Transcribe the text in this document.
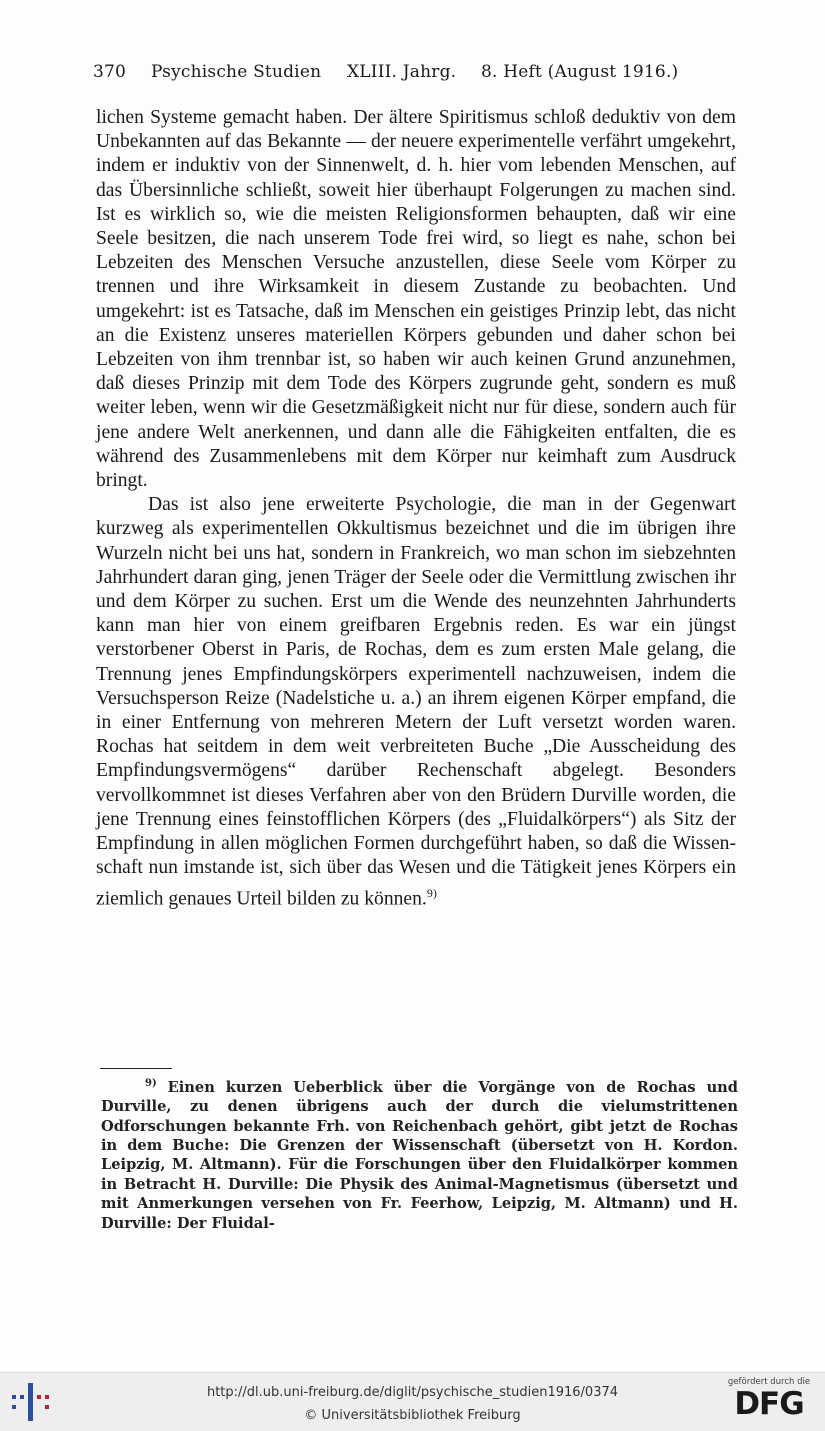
370 Psychische Studien XLIII. Jahrg. 8. Heft (August 1916.)

lichen Systeme gemacht haben. Der ältere Spiritismus schloß deduktiv von dem Unbekannten auf das Bekannte — der neuere experimentelle verfährt umgekehrt, indem er induktiv von der Sinnenwelt, d. h. hier vom lebenden Menschen, auf das Übersinnliche schließt, soweit hier überhaupt Folgerungen zu machen sind. Ist es wirklich so, wie die meisten Religionsformen behaupten, daß wir eine Seele besitzen, die nach unserem Tode frei wird, so liegt es nahe, schon bei Lebzeiten des Menschen Versuche anzustellen, diese Seele vom Körper zu trennen und ihre Wirksamkeit in diesem Zustande zu beobachten. Und umgekehrt: ist es Tatsache, daß im Menschen ein geistiges Prinzip lebt, das nicht an die Existenz unseres materiellen Körpers gebunden und daher schon bei Lebzeiten von ihm trennbar ist, so haben wir auch keinen Grund anzunehmen, daß dieses Prinzip mit dem Tode des Körpers zugrunde geht, sondern es muß weiter leben, wenn wir die Gesetzmäßigkeit nicht nur für diese, sondern auch für jene andere Welt anerkennen, und dann alle die Fähigkeiten entfalten, die es während des Zusammenlebens mit dem Körper nur keimhaft zum Ausdruck bringt.

Das ist also jene erweiterte Psychologie, die man in der Gegenwart kurzweg als experimentellen Okkultismus bezeichnet und die im übrigen ihre Wurzeln nicht bei uns hat, sondern in Frankreich, wo man schon im siebzehnten Jahrhundert daran ging, jenen Träger der Seele oder die Vermittlung zwischen ihr und dem Körper zu suchen. Erst um die Wende des neunzehnten Jahrhunderts kann man hier von einem greifbaren Ergebnis reden. Es war ein jüngst verstorbener Oberst in Paris, de Rochas, dem es zum ersten Male gelang, die Trennung jenes Empfindungskörpers experimentell nachzuweisen, indem die Versuchsperson Reize (Nadelstiche u. a.) an ihrem eigenen Körper empfand, die in einer Entfernung von mehreren Metern der Luft versetzt worden waren. Rochas hat seitdem in dem weit verbreiteten Buche „Die Ausscheidung des Empfindungsvermögens“ darüber Rechenschaft abgelegt. Besonders vervollkommnet ist dieses Verfahren aber von den Brüdern Durville worden, die jene Trennung eines feinstofflichen Körpers (des „Fluidalkörpers“) als Sitz der Empfindung in allen möglichen Formen durchgeführt haben, so daß die Wissenschaft nun imstande ist, sich über das Wesen und die Tätigkeit jenes Körpers ein ziemlich genaues Urteil bilden zu können.$^{9)}$

$^{9)}$ Einen kurzen Ueberblick über die Vorgänge von de Rochas und Durville, zu denen übrigens auch der durch die vielumstrittenen Odforschungen bekannte Frh. von Reichenbach gehört, gibt jetzt de Rochas in dem Buche: Die Grenzen der Wissenschaft (übersetzt von H. Kordon. Leipzig, M. Altmann). Für die Forschungen über den Fluidalkörper kommen in Betracht H. Durville: Die Physik des Animal-Magnetismus (übersetzt und mit Anmerkungen versehen von Fr. Feerhow, Leipzig, M. Altmann) und H. Durville: Der Fluidal-
http://dl.ub.uni-freiburg.de/diglit/psychische_studien1916/0374
© Universitätsbibliothek Freiburg
gefördert durch die
DFG
